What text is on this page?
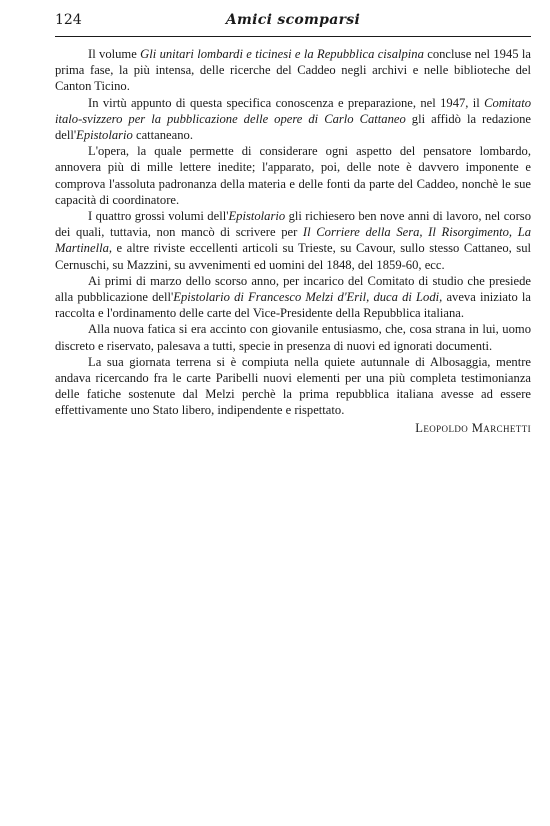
124	Amici scomparsi

Il volume Gli unitari lombardi e ticinesi e la Repubblica cisalpina conclusе nel 1945 la prima fase, la più intensa, delle ricerche del Caddeo negli archivi e nelle biblioteche del Canton Ticino.

In virtù appunto di questa specifica conoscenza e preparazione, nel 1947, il Comitato italo-svizzero per la pubblicazione delle opere di Carlo Cattaneo gli affidò la redazione dell'Epistolario cattaneano.

L'opera, la quale permette di considerare ogni aspetto del pensatore lombardo, annovera più di mille lettere inedite; l'apparato, poi, delle note è davvero imponente e comprova l'assoluta padronanza della materia e delle fonti da parte del Caddeo, nonchè le sue capacità di coordinatore.

I quattro grossi volumi dell'Epistolario gli richiesero ben nove anni di lavoro, nel corso dei quali, tuttavia, non mancò di scrivere per Il Corriere della Sera, Il Risorgimento, La Martinella, e altre riviste eccellenti articoli su Trieste, su Cavour, sullo stesso Cattaneo, sul Cernuschi, su Mazzini, su avvenimenti ed uomini del 1848, del 1859-60, ecc.

Ai primi di marzo dello scorso anno, per incarico del Comitato di studio che presiede alla pubblicazione dell'Epistolario di Francesco Melzi d'Eril, duca di Lodi, aveva iniziato la raccolta e l'ordinamento delle carte del Vice-Presidente della Repubblica italiana.

Alla nuova fatica si era accinto con giovanile entusiasmo, che, cosa strana in lui, uomo discreto e riservato, palesava a tutti, specie in presenza di nuovi ed ignorati documenti.

La sua giornata terrena si è compiuta nella quiete autunnale di Albosaggia, mentre andava ricercando fra le carte Paribelli nuovi elementi per una più completa testimonianza delle fatiche sostenute dal Melzi perchè la prima repubblica italiana avesse ad essere effettivamente uno Stato libero, indipendente e rispettato.

Leopoldo Marchetti
